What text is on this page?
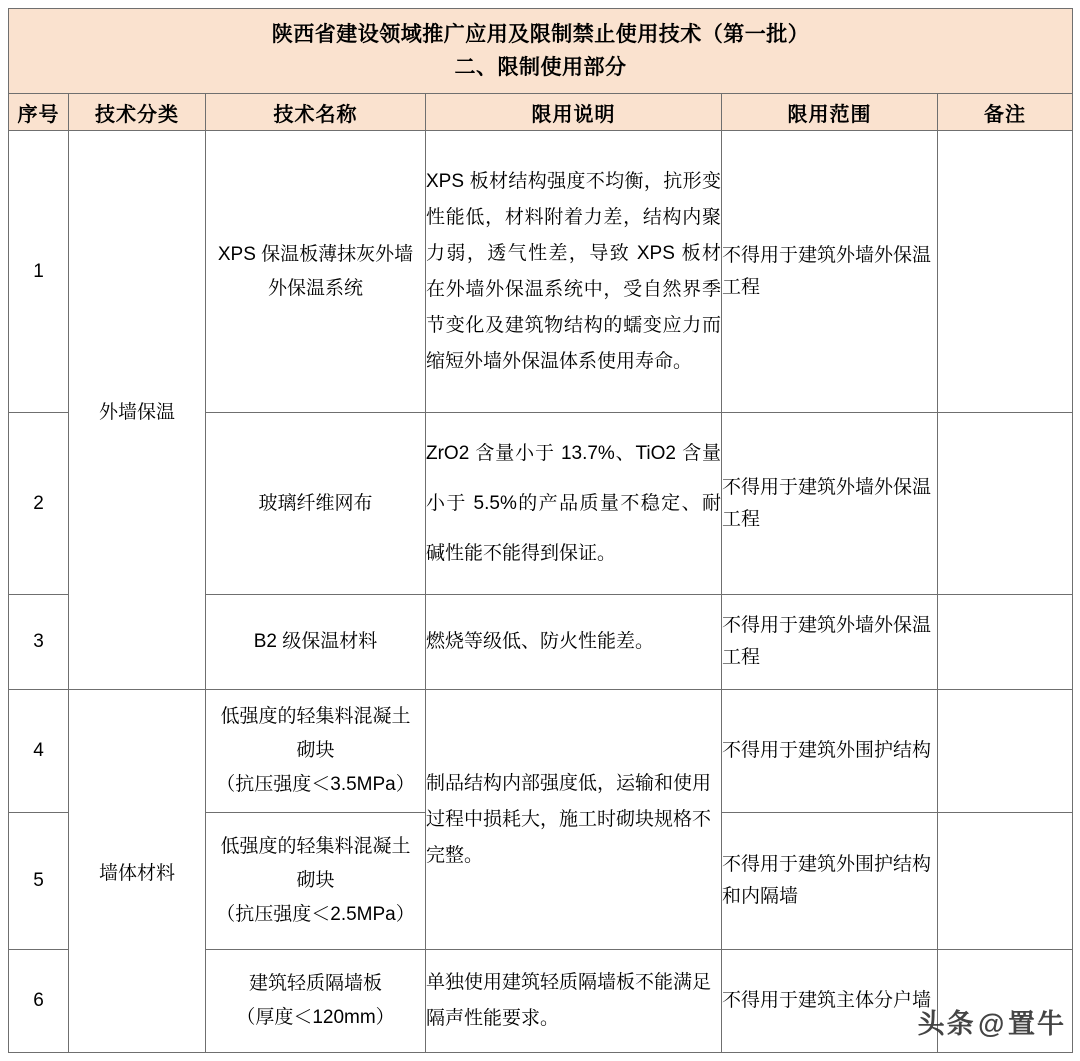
陕西省建设领域推广应用及限制禁止使用技术（第一批）
二、限制使用部分					

序号	技术分类	技术名称	限用说明	限用范围	备注
1	外墙保温	XPS 保温板薄抹灰外墙
外保温系统	XPS 板材结构强度不均衡，抗形变性能低，材料附着力差，结构内聚力弱，透气性差，导致 XPS 板材在外墙外保温系统中，受自然界季节变化及建筑物结构的蠕变应力而缩短外墙外保温体系使用寿命。	不得用于建筑外墙外保温工程	
2		玻璃纤维网布	ZrO2 含量小于 13.7%、TiO2 含量小于 5.5%的产品质量不稳定、耐碱性能不能得到保证。	不得用于建筑外墙外保温工程	
3		B2 级保温材料	燃烧等级低、防火性能差。	不得用于建筑外墙外保温工程	
4	墙体材料	低强度的轻集料混凝土
砌块
（抗压强度＜3.5MPa）	制品结构内部强度低，运输和使用过程中损耗大，施工时砌块规格不完整。	不得用于建筑外围护结构	
5		低强度的轻集料混凝土
砌块
（抗压强度＜2.5MPa）		不得用于建筑外围护结构和内隔墙	
6		建筑轻质隔墙板
（厚度＜120mm）	单独使用建筑轻质隔墙板不能满足隔声性能要求。	不得用于建筑主体分户墙	
头条@置牛
